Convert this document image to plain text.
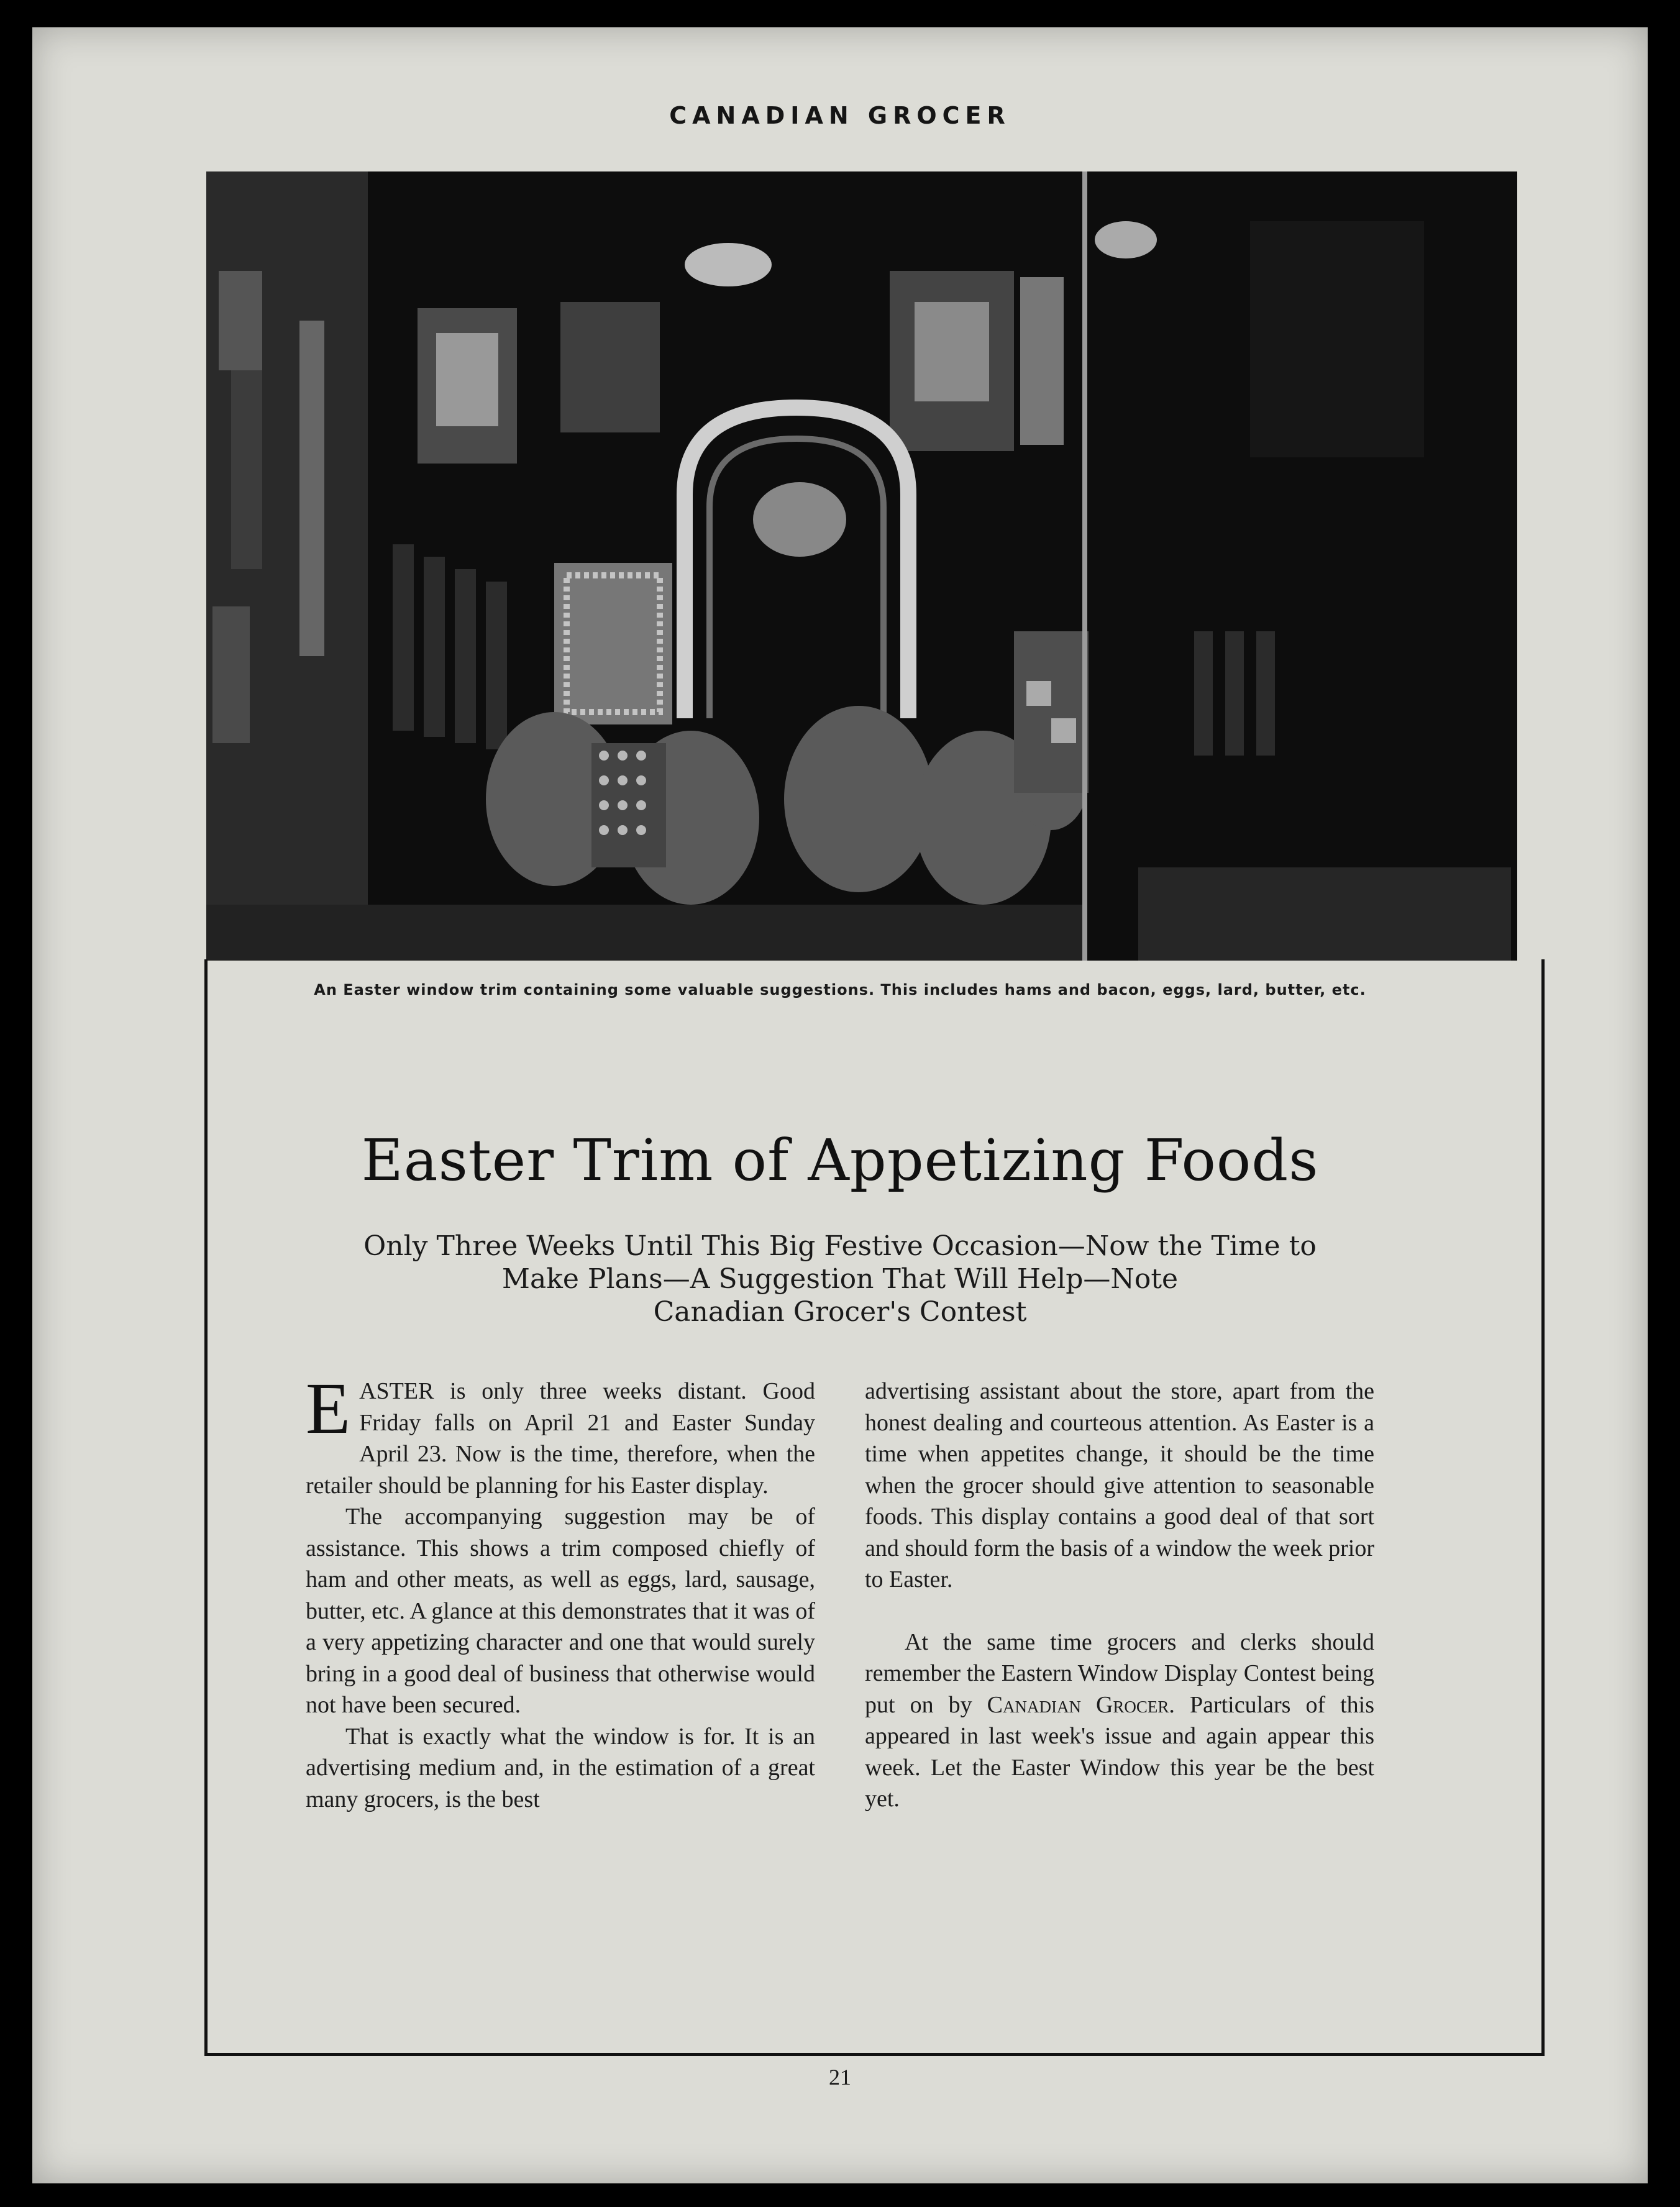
CANADIAN GROCER
An Easter window trim containing some valuable suggestions. This includes hams and bacon, eggs, lard, butter, etc.
Easter Trim of Appetizing Foods
Only Three Weeks Until This Big Festive Occasion—Now the Time to
Make Plans—A Suggestion That Will Help—Note
Canadian Grocer's Contest

EASTER is only three weeks distant. Good Friday falls on April 21 and Easter Sunday April 23. Now is the time, therefore, when the retailer should be planning for his Easter display.

The accompanying suggestion may be of assistance. This shows a trim composed chiefly of ham and other meats, as well as eggs, lard, sausage, butter, etc. A glance at this demonstrates that it was of a very appetizing character and one that would surely bring in a good deal of business that otherwise would not have been secured.

That is exactly what the window is for. It is an advertising medium and, in the estimation of a great many grocers, is the best

advertising assistant about the store, apart from the honest dealing and courteous attention. As Easter is a time when appetites change, it should be the time when the grocer should give attention to seasonable foods. This display contains a good deal of that sort and should form the basis of a window the week prior to Easter.

At the same time grocers and clerks should remember the Eastern Window Display Contest being put on by Canadian Grocer. Particulars of this appeared in last week's issue and again appear this week. Let the Easter Window this year be the best yet.

21
